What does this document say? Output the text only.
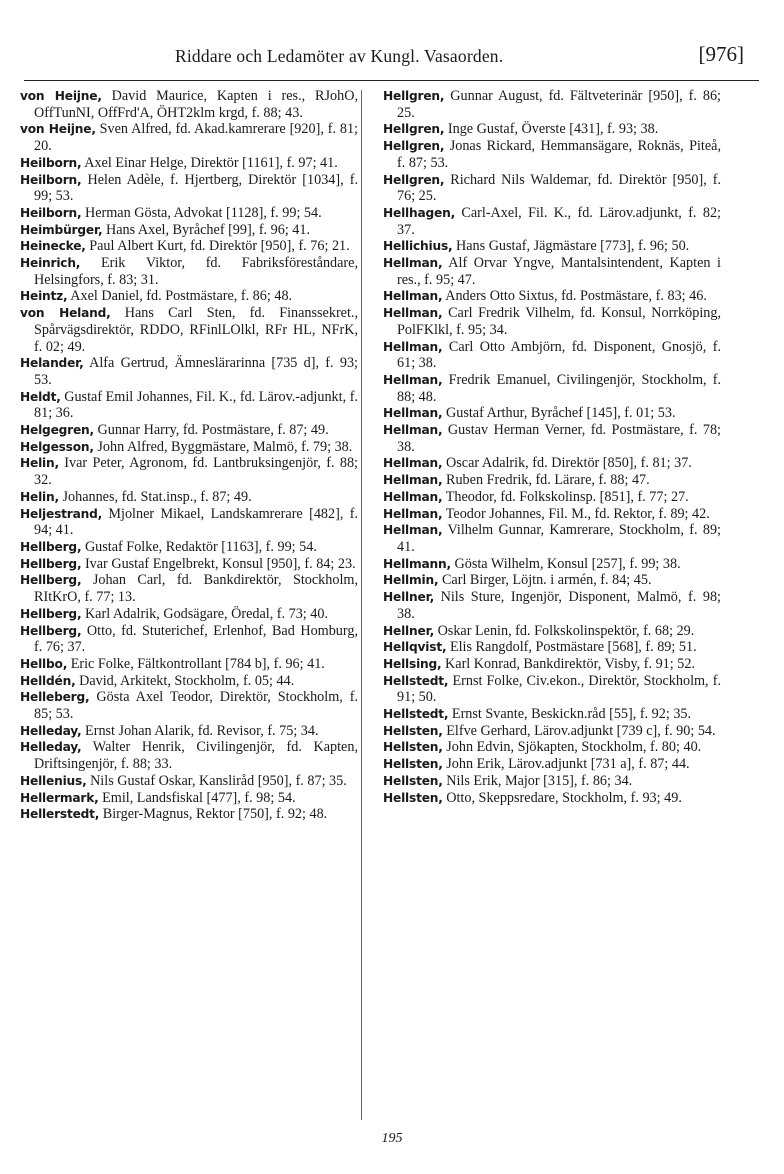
Riddare och Ledamöter av Kungl. Vasaorden.	[976]
von Heijne, David Maurice, Kapten i res., RJohO, OffTunNI, OffFrd'A, ÖHT2klm krgd, f. 88; 43.
von Heijne, Sven Alfred, fd. Akad.kamrerare [920], f. 81; 20.
Heilborn, Axel Einar Helge, Direktör [1161], f. 97; 41.
Heilborn, Helen Adèle, f. Hjertberg, Direktör [1034], f. 99; 53.
Heilborn, Herman Gösta, Advokat [1128], f. 99; 54.
Heimbürger, Hans Axel, Byråchef [99], f. 96; 41.
Heinecke, Paul Albert Kurt, fd. Direktör [950], f. 76; 21.
Heinrich, Erik Viktor, fd. Fabriksföreståndare, Helsingfors, f. 83; 31.
Heintz, Axel Daniel, fd. Postmästare, f. 86; 48.
von Heland, Hans Carl Sten, fd. Finanssekret., Spårvägsdirektör, RDDO, RFinlLOlkl, RFr HL, NFrK, f. 02; 49.
Helander, Alfa Gertrud, Ämneslärarinna [735 d], f. 93; 53.
Heldt, Gustaf Emil Johannes, Fil. K., fd. Lärov.-adjunkt, f. 81; 36.
Helgegren, Gunnar Harry, fd. Postmästare, f. 87; 49.
Helgesson, John Alfred, Byggmästare, Malmö, f. 79; 38.
Helin, Ivar Peter, Agronom, fd. Lantbruksingenjör, f. 88; 32.
Helin, Johannes, fd. Stat.insp., f. 87; 49.
Heljestrand, Mjolner Mikael, Landskamrerare [482], f. 94; 41.
Hellberg, Gustaf Folke, Redaktör [1163], f. 99; 54.
Hellberg, Ivar Gustaf Engelbrekt, Konsul [950], f. 84; 23.
Hellberg, Johan Carl, fd. Bankdirektör, Stockholm, RItKrO, f. 77; 13.
Hellberg, Karl Adalrik, Godsägare, Öredal, f. 73; 40.
Hellberg, Otto, fd. Stuterichef, Erlenhof, Bad Homburg, f. 76; 37.
Hellbo, Eric Folke, Fältkontrollant [784 b], f. 96; 41.
Helldén, David, Arkitekt, Stockholm, f. 05; 44.
Helleberg, Gösta Axel Teodor, Direktör, Stockholm, f. 85; 53.
Helleday, Ernst Johan Alarik, fd. Revisor, f. 75; 34.
Helleday, Walter Henrik, Civilingenjör, fd. Kapten, Driftsingenjör, f. 88; 33.
Hellenius, Nils Gustaf Oskar, Kansliråd [950], f. 87; 35.
Hellermark, Emil, Landsfiskal [477], f. 98; 54.
Hellerstedt, Birger-Magnus, Rektor [750], f. 92; 48.
Hellgren, Gunnar August, fd. Fältveterinär [950], f. 86; 25.
Hellgren, Inge Gustaf, Överste [431], f. 93; 38.
Hellgren, Jonas Rickard, Hemmansägare, Roknäs, Piteå, f. 87; 53.
Hellgren, Richard Nils Waldemar, fd. Direktör [950], f. 76; 25.
Hellhagen, Carl-Axel, Fil. K., fd. Lärov.adjunkt, f. 82; 37.
Hellichius, Hans Gustaf, Jägmästare [773], f. 96; 50.
Hellman, Alf Orvar Yngve, Mantalsintendent, Kapten i res., f. 95; 47.
Hellman, Anders Otto Sixtus, fd. Postmästare, f. 83; 46.
Hellman, Carl Fredrik Vilhelm, fd. Konsul, Norrköping, PolFKlkl, f. 95; 34.
Hellman, Carl Otto Ambjörn, fd. Disponent, Gnosjö, f. 61; 38.
Hellman, Fredrik Emanuel, Civilingenjör, Stockholm, f. 88; 48.
Hellman, Gustaf Arthur, Byråchef [145], f. 01; 53.
Hellman, Gustav Herman Verner, fd. Postmästare, f. 78; 38.
Hellman, Oscar Adalrik, fd. Direktör [850], f. 81; 37.
Hellman, Ruben Fredrik, fd. Lärare, f. 88; 47.
Hellman, Theodor, fd. Folkskolinsp. [851], f. 77; 27.
Hellman, Teodor Johannes, Fil. M., fd. Rektor, f. 89; 42.
Hellman, Vilhelm Gunnar, Kamrerare, Stockholm, f. 89; 41.
Hellmann, Gösta Wilhelm, Konsul [257], f. 99; 38.
Hellmin, Carl Birger, Löjtn. i armén, f. 84; 45.
Hellner, Nils Sture, Ingenjör, Disponent, Malmö, f. 98; 38.
Hellner, Oskar Lenin, fd. Folkskolinspektör, f. 68; 29.
Hellqvist, Elis Rangdolf, Postmästare [568], f. 89; 51.
Hellsing, Karl Konrad, Bankdirektör, Visby, f. 91; 52.
Hellstedt, Ernst Folke, Civ.ekon., Direktör, Stockholm, f. 91; 50.
Hellstedt, Ernst Svante, Beskickn.råd [55], f. 92; 35.
Hellsten, Elfve Gerhard, Lärov.adjunkt [739 c], f. 90; 54.
Hellsten, John Edvin, Sjökapten, Stockholm, f. 80; 40.
Hellsten, John Erik, Lärov.adjunkt [731 a], f. 87; 44.
Hellsten, Nils Erik, Major [315], f. 86; 34.
Hellsten, Otto, Skeppsredare, Stockholm, f. 93; 49.
195
